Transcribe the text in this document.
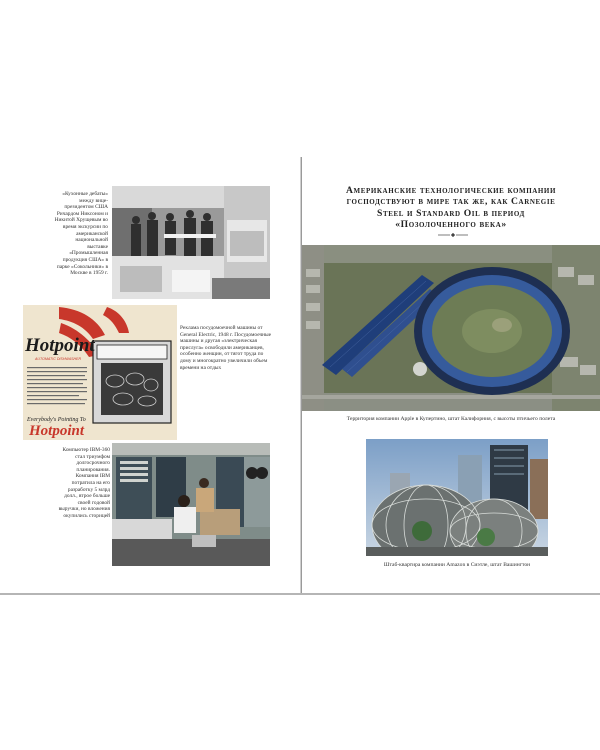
«Кухонные дебаты» между вице-президентом США Ричардом Никсоном и Никитой Хрущевым во время экскурсии по американской национальной выставке «Промышленная продукция США» в парке «Сокольники» в Москве в 1959 г.
Hotpoint
AUTOMATIC DISHWASHER
Everybody's Pointing To
Hotpoint
Реклама посудомоечной машины от General Electric, 1948 г. Посудомоечные машины и другая «электрическая прислуга» освободили американцев, особенно женщин, от тягот труда по дому и многократно увеличили объем времени на отдых
Компьютер IBM-360 стал триумфом долгосрочного планирования. Компания IBM потратила на его разработку 5 млрд долл., втрое больше своей годовой выручки, но вложения окупились сторицей
Американские технологические компании господствуют в мире так же, как Carnegie Steel и Standard Oil в период «Позолоченного века»
Территория компании Apple в Купертино, штат Калифорния, с высоты птичьего полета
Штаб-квартира компании Amazon в Сиэтле, штат Вашингтон
